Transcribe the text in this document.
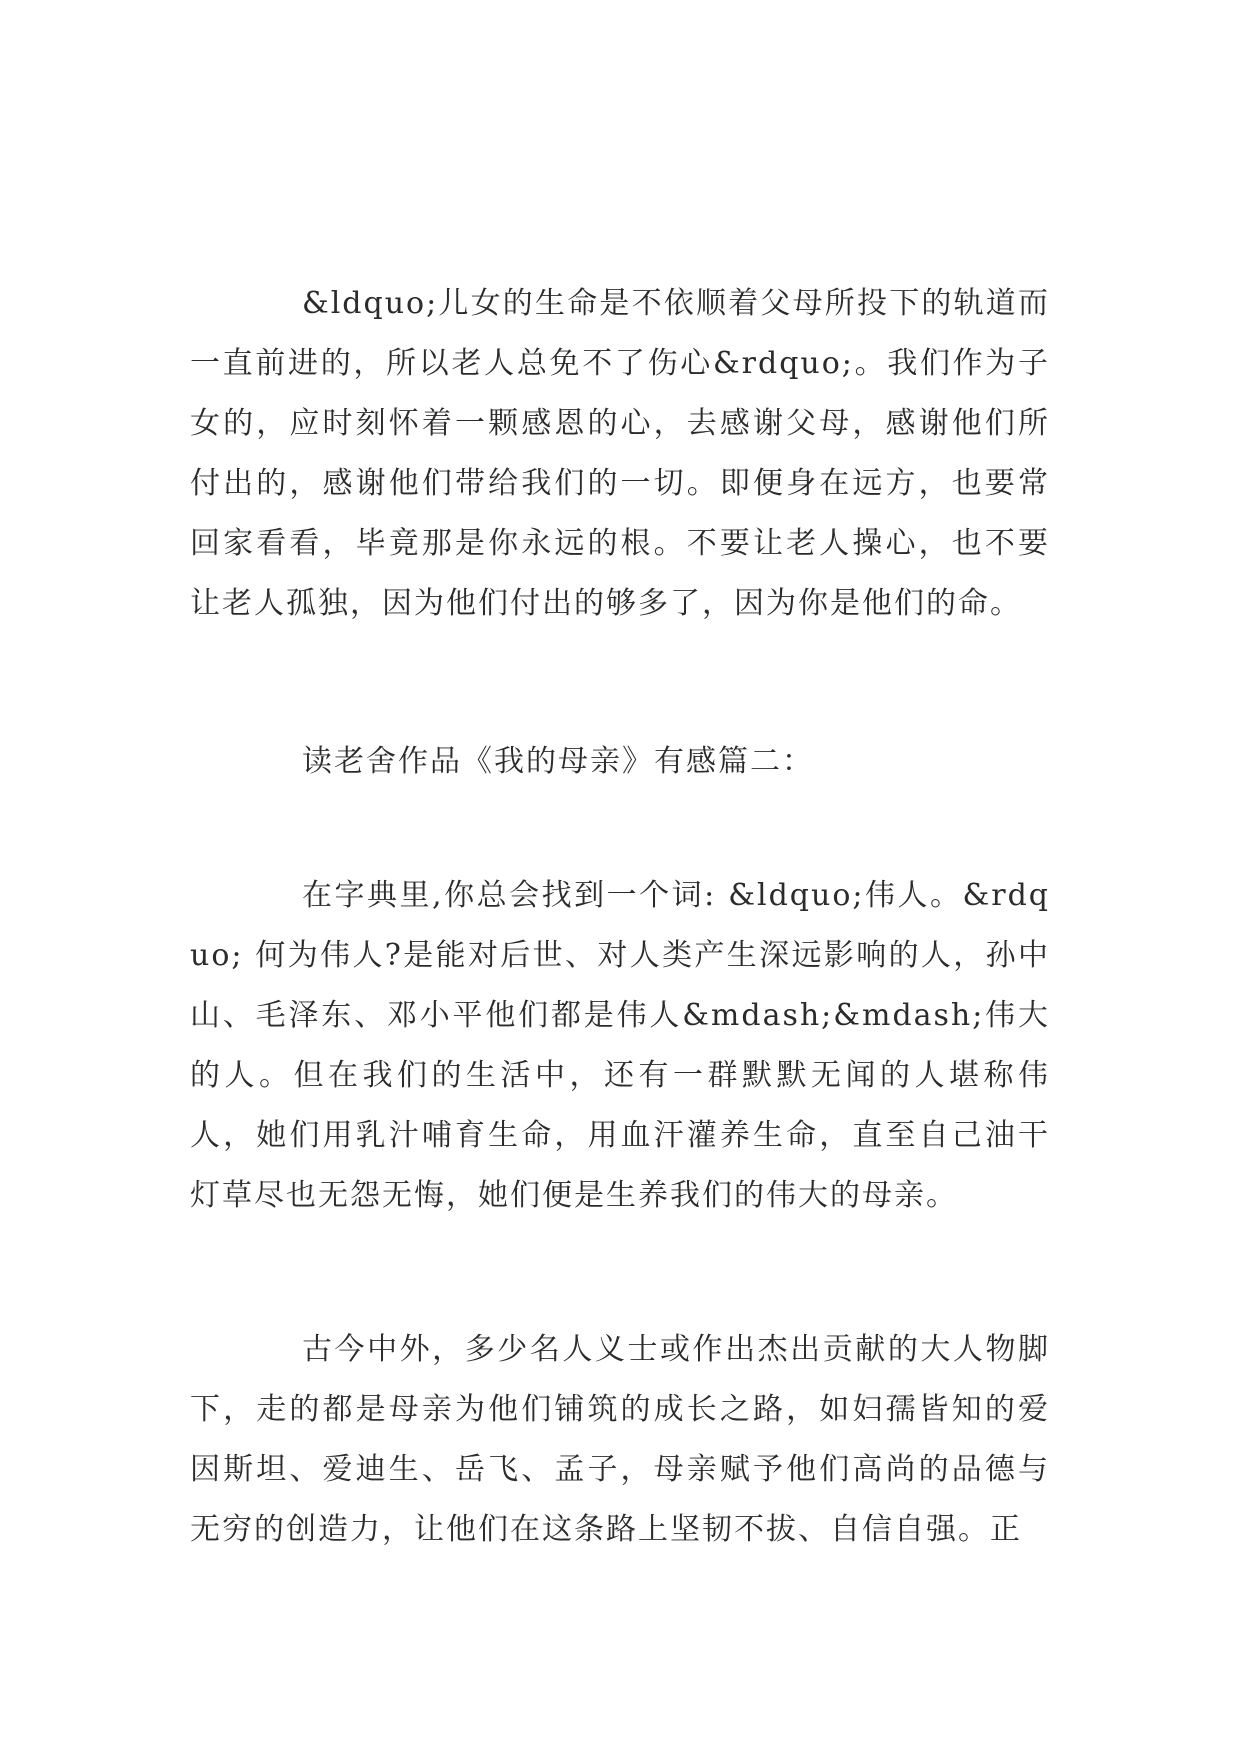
&ldquo;儿女的生命是不依顺着父母所投下的轨道而一直前进的，所以老人总免不了伤心&rdquo;。我们作为子女的，应时刻怀着一颗感恩的心，去感谢父母，感谢他们所付出的，感谢他们带给我们的一切。即便身在远方，也要常回家看看，毕竟那是你永远的根。不要让老人操心，也不要让老人孤独，因为他们付出的够多了，因为你是他们的命。

读老舍作品《我的母亲》有感篇二：

在字典里,你总会找到一个词: &ldquo;伟人。&rdquo; 何为伟人?是能对后世、对人类产生深远影响的人，孙中山、毛泽东、邓小平他们都是伟人&mdash;&mdash;伟大的人。但在我们的生活中，还有一群默默无闻的人堪称伟人，她们用乳汁哺育生命，用血汗灌养生命，直至自己油干灯草尽也无怨无悔，她们便是生养我们的伟大的母亲。

古今中外，多少名人义士或作出杰出贡献的大人物脚下，走的都是母亲为他们铺筑的成长之路，如妇孺皆知的爱因斯坦、爱迪生、岳飞、孟子，母亲赋予他们高尚的品德与无穷的创造力，让他们在这条路上坚韧不拔、自信自强。正
